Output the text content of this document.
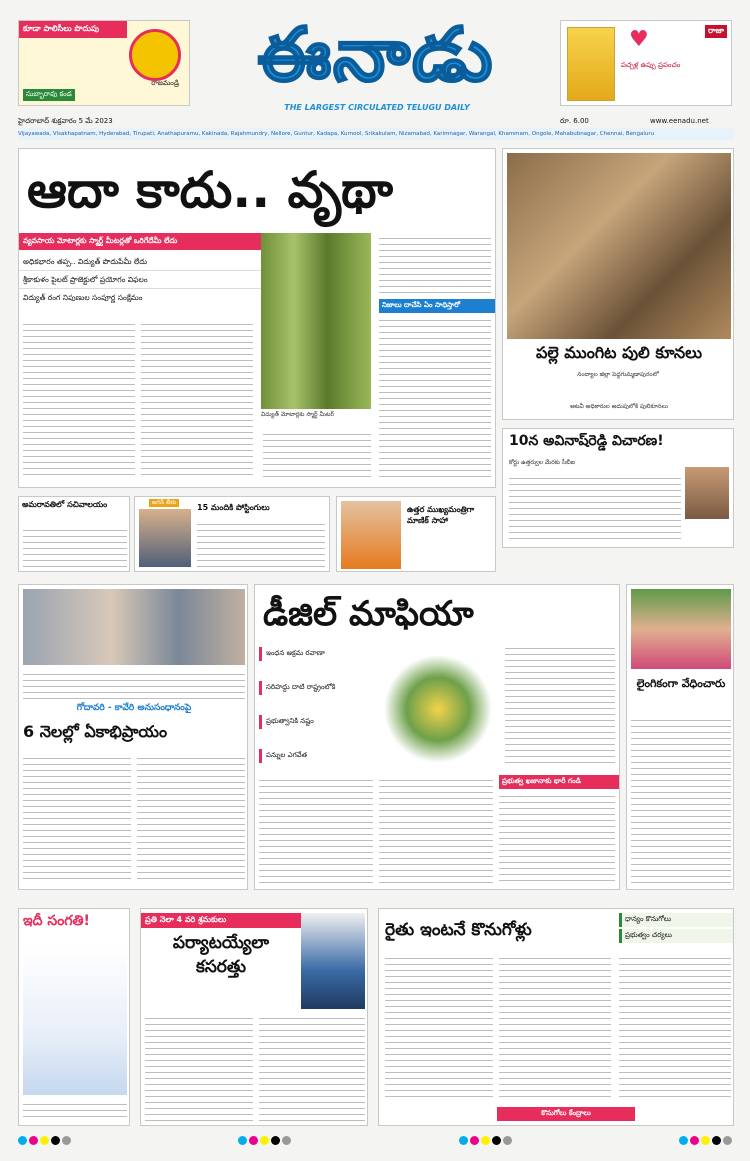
కూడా పాలిసీలు పొదుపు
రాజమండ్రి
సుబ్బారావు కండ	ఈనాడు
THE LARGEST CIRCULATED TELUGU DAILY
♥	రాజా
పచ్చళ్ల ఉప్పు ప్రపంచం
హైదరాబాద్ శుక్రవారం 5 మే 2023	రూ. 6.00	www.eenadu.net
Vijayawada, Visakhapatnam, Hyderabad, Tirupati, Anathapuramu, Kakinada, Rajahmundry, Nellore, Guntur, Kadapa, Kurnool, Srikakulam, Nizamabad, Karimnagar, Warangal, Khammam, Ongole, Mahabubnagar, Chennai, Bengaluru
ఆదా కాదు.. వృథా
వ్యవసాయ మోటార్లకు స్మార్ట్ మీటర్లతో ఒరిగేదేమీ లేదు
అధికభారం తప్ప.. విద్యుత్ పొదుపేమీ లేదు
శ్రీకాకుళం పైలట్ ప్రాజెక్టులో ప్రయోగం విఫలం
విద్యుత్ రంగ నిపుణుల సంపూర్ణ సంక్షేమం
విద్యుత్ మోటార్లకు స్మార్ట్ మీటర్
నిజాలు దాచేసి ఏం సాధిస్తారో
పల్లె ముంగిట పులి కూనలు
నంద్యాల జిల్లా పెద్దగుమ్మడాపురంలో
అటవీ అధికారుల అదుపులోకి పులికూనలు
10న అవినాష్‌రెడ్డి విచారణ!
కోర్టు ఉత్తర్వుల మేరకు సీబీఐ
అమరావతిలో సచివాలయం	జగన్ తీరు
15 మందికి పోస్టింగులు	ఉత్తర ముఖ్యమంత్రిగా మాణిక్ సాహా
గోదావరి - కావేరి అనుసంధానంపై
6 నెలల్లో ఏకాభిప్రాయం
డీజిల్ మాఫియా
ఇంధన అక్రమ రవాణా
సరిహద్దు దాటి రాష్ట్రంలోకి
ప్రభుత్వానికి నష్టం
పన్నుల ఎగవేత
ప్రభుత్వ ఖజానాకు భారీ గండి
లైంగికంగా వేధించారు
ఇదీ సంగతి!	ప్రతి నెలా 4 వరి శ్రమకులు
పర్యాటయ్యేలా
కసరత్తు
రైతు ఇంటనే కొనుగోళ్లు
ధాన్యం కొనుగోలు
ప్రభుత్వం చర్యలు
కొనుగోలు కేంద్రాలు
